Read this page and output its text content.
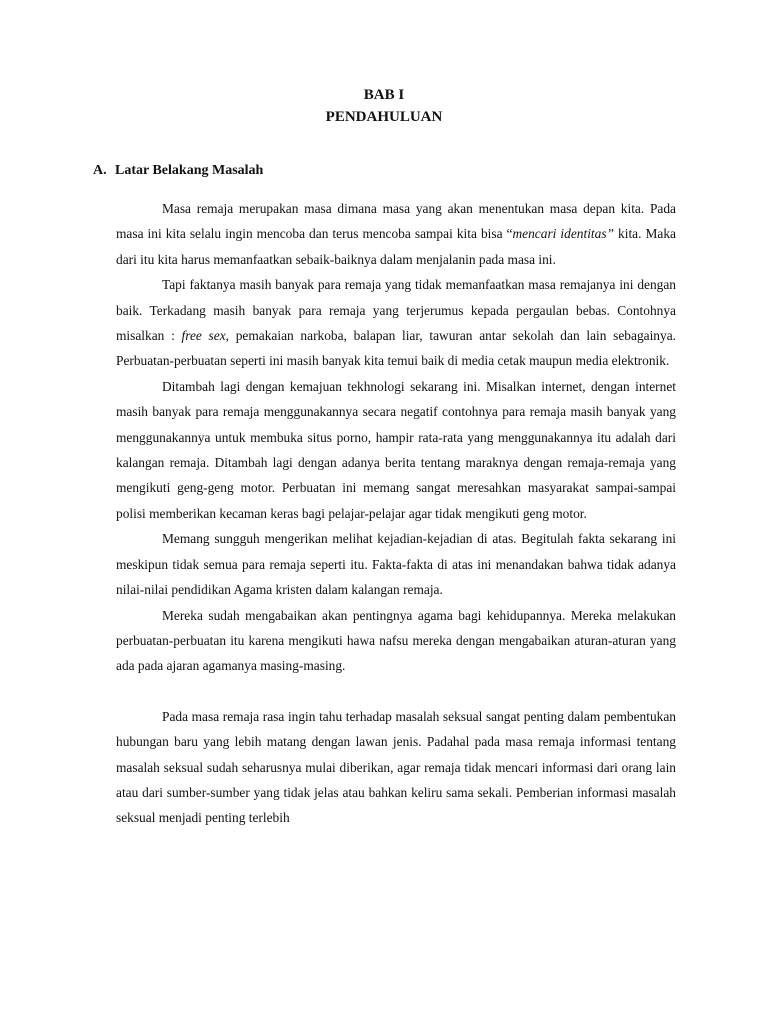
BAB I
PENDAHULUAN
A. Latar Belakang Masalah

Masa remaja merupakan masa dimana masa yang akan menentukan masa depan kita. Pada masa ini kita selalu ingin mencoba dan terus mencoba sampai kita bisa “mencari identitas” kita. Maka dari itu kita harus memanfaatkan sebaik-baiknya dalam menjalanin pada masa ini.

Tapi faktanya masih banyak para remaja yang tidak memanfaatkan masa remajanya ini dengan baik. Terkadang masih banyak para remaja yang terjerumus kepada pergaulan bebas. Contohnya misalkan : free sex, pemakaian narkoba, balapan liar, tawuran antar sekolah dan lain sebagainya. Perbuatan-perbuatan seperti ini masih banyak kita temui baik di media cetak maupun media elektronik.

Ditambah lagi dengan kemajuan tekhnologi sekarang ini. Misalkan internet, dengan internet masih banyak para remaja menggunakannya secara negatif contohnya para remaja masih banyak yang menggunakannya untuk membuka situs porno, hampir rata-rata yang menggunakannya itu adalah dari kalangan remaja. Ditambah lagi dengan adanya berita tentang maraknya dengan remaja-remaja yang mengikuti geng-geng motor. Perbuatan ini memang sangat meresahkan masyarakat sampai-sampai polisi memberikan kecaman keras bagi pelajar-pelajar agar tidak mengikuti geng motor.

Memang sungguh mengerikan melihat kejadian-kejadian di atas. Begitulah fakta sekarang ini meskipun tidak semua para remaja seperti itu. Fakta-fakta di atas ini menandakan bahwa tidak adanya nilai-nilai pendidikan Agama kristen dalam kalangan remaja.

Mereka sudah mengabaikan akan pentingnya agama bagi kehidupannya. Mereka melakukan perbuatan-perbuatan itu karena mengikuti hawa nafsu mereka dengan mengabaikan aturan-aturan yang ada pada ajaran agamanya masing-masing.

Pada masa remaja rasa ingin tahu terhadap masalah seksual sangat penting dalam pembentukan hubungan baru yang lebih matang dengan lawan jenis. Padahal pada masa remaja informasi tentang masalah seksual sudah seharusnya mulai diberikan, agar remaja tidak mencari informasi dari orang lain atau dari sumber-sumber yang tidak jelas atau bahkan keliru sama sekali. Pemberian informasi masalah seksual menjadi penting terlebih
